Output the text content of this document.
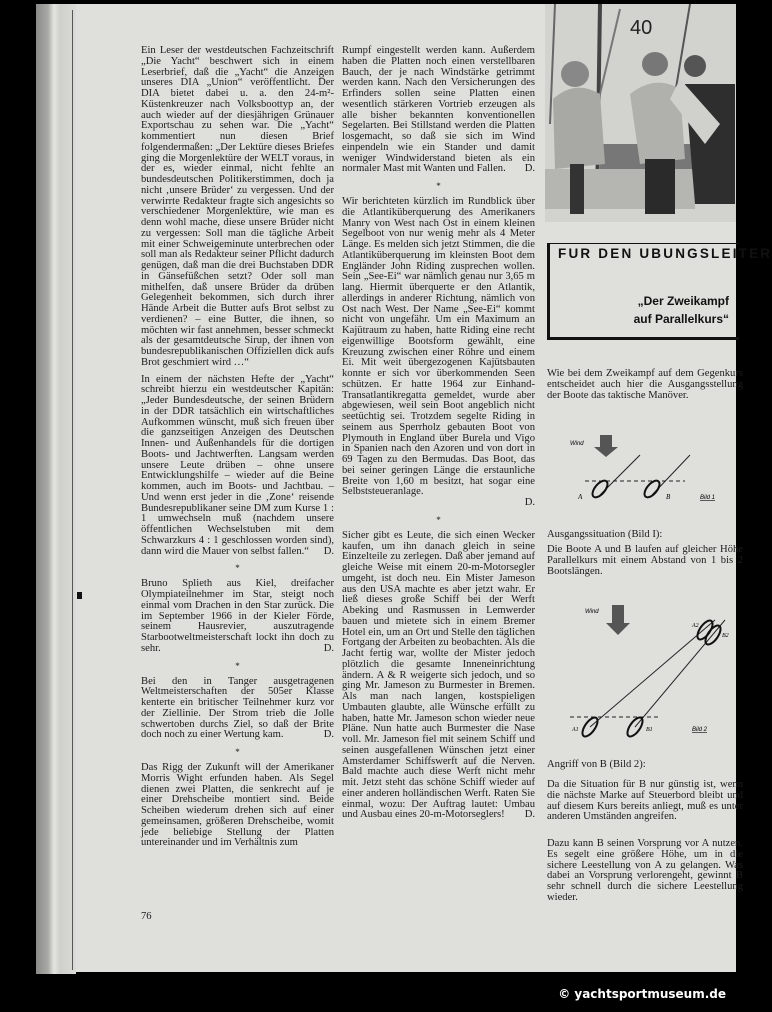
Ein Leser der westdeutschen Fachzeitschrift „Die Yacht“ beschwert sich in einem Leserbrief, daß die „Yacht“ die Anzeigen unseres DIA „Union“ veröffentlicht. Der DIA bietet dabei u. a. den 24-m²-Küstenkreuzer nach Volksboottyp an, der auch wieder auf der diesjährigen Grünauer Exportschau zu sehen war. Die „Yacht“ kommentiert nun diesen Brief folgendermaßen: „Der Lektüre dieses Briefes ging die Morgenlektüre der WELT voraus, in der es, wieder einmal, nicht fehlte an bundesdeutschen Politikerstimmen, doch ja nicht ‚unsere Brüder‘ zu vergessen. Und der verwirrte Redakteur fragte sich angesichts so verschiedener Morgenlektüre, wie man es denn wohl mache, diese unsere Brüder nicht zu vergessen: Soll man die tägliche Arbeit mit einer Schweigeminute unterbrechen oder soll man als Redakteur seiner Pflicht dadurch genügen, daß man die drei Buchstaben DDR in Gänsefüßchen setzt? Oder soll man mithelfen, daß unsere Brüder da drüben Gelegenheit bekommen, sich durch ihrer Hände Arbeit die Butter aufs Brot selbst zu verdienen? – eine Butter, die ihnen, so möchten wir fast annehmen, besser schmeckt als der gesamtdeutsche Sirup, der ihnen von bundesrepublikanischen Offiziellen dick aufs Brot geschmiert wird …“

In einem der nächsten Hefte der „Yacht“ schreibt hierzu ein westdeutscher Kapitän: „Jeder Bundesdeutsche, der seinen Brüdern in der DDR tatsächlich ein wirtschaftliches Aufkommen wünscht, muß sich freuen über die ganzseitigen Anzeigen des Deutschen Innen- und Außenhandels für die dortigen Boots- und Jachtwerften. Langsam werden unsere Leute drüben – ohne unsere Entwicklungshilfe – wieder auf die Beine kommen, auch im Boots- und Jachtbau. – Und wenn erst jeder in die ‚Zone‘ reisende Bundesrepublikaner seine DM zum Kurse 1 : 1 umwechseln muß (nachdem unsere öffentlichen Wechselstuben mit dem Schwarzkurs 4 : 1 geschlossen worden sind), dann wird die Mauer von selbst fallen.“	D.

*

Bruno Splieth aus Kiel, dreifacher Olympiateilnehmer im Star, steigt noch einmal vom Drachen in den Star zurück. Die im September 1966 in der Kieler Förde, seinem Hausrevier, auszutragende Starbootweltmeisterschaft lockt ihn doch zu sehr.	D.

*

Bei den in Tanger ausgetragenen Weltmeisterschaften der 505er Klasse kenterte ein britischer Teilnehmer kurz vor der Ziellinie. Der Strom trieb die Jolle schwertoben durchs Ziel, so daß der Brite doch noch zu einer Wertung kam.	D.

*

Das Rigg der Zukunft will der Amerikaner Morris Wight erfunden haben. Als Segel dienen zwei Platten, die senkrecht auf je einer Drehscheibe montiert sind. Beide Scheiben wiederum drehen sich auf einer gemeinsamen, größeren Drehscheibe, womit jede beliebige Stellung der Platten untereinander und im Verhältnis zum

76

Rumpf eingestellt werden kann. Außerdem haben die Platten noch einen verstellbaren Bauch, der je nach Windstärke getrimmt werden kann. Nach den Versicherungen des Erfinders sollen seine Platten einen wesentlich stärkeren Vortrieb erzeugen als alle bisher bekannten konventionellen Segelarten. Bei Stillstand werden die Platten losgemacht, so daß sie sich im Wind einpendeln wie ein Stander und damit weniger Windwiderstand bieten als ein normaler Mast mit Wanten und Fallen.	D.

*

Wir berichteten kürzlich im Rundblick über die Atlantiküberquerung des Amerikaners Manry von West nach Ost in einem kleinen Segelboot von nur wenig mehr als 4 Meter Länge. Es melden sich jetzt Stimmen, die die Atlantiküberquerung im kleinsten Boot dem Engländer John Riding zusprechen wollen. Sein „See-Ei“ war nämlich genau nur 3,65 m lang. Hiermit überquerte er den Atlantik, allerdings in anderer Richtung, nämlich von Ost nach West. Der Name „See-Ei“ kommt nicht von ungefähr. Um ein Maximum an Kajütraum zu haben, hatte Riding eine recht eigenwillige Bootsform gewählt, eine Kreuzung zwischen einer Röhre und einem Ei. Mit weit übergezogenen Kajütsbauten konnte er sich vor überkommenden Seen schützen. Er hatte 1964 zur Einhand-Transatlantikregatta gemeldet, wurde aber abgewiesen, weil sein Boot angeblich nicht seetüchtig sei. Trotzdem segelte Riding in seinem aus Sperrholz gebauten Boot von Plymouth in England über Burela und Vigo in Spanien nach den Azoren und von dort in 69 Tagen zu den Bermudas. Das Boot, das bei seiner geringen Länge die erstaunliche Breite von 1,60 m besitzt, hat sogar eine Selbststeueranlage.
D.

*

Sicher gibt es Leute, die sich einen Wecker kaufen, um ihn danach gleich in seine Einzelteile zu zerlegen. Daß aber jemand auf gleiche Weise mit einem 20-m-Motorsegler umgeht, ist doch neu. Ein Mister Jameson aus den USA machte es aber jetzt wahr. Er ließ dieses große Schiff bei der Werft Abeking und Rasmussen in Lemwerder bauen und mietete sich in einem Bremer Hotel ein, um an Ort und Stelle den täglichen Fortgang der Arbeiten zu beobachten. Als die Jacht fertig war, wollte der Mister jedoch plötzlich die gesamte Inneneinrichtung ändern. A & R weigerte sich jedoch, und so ging Mr. Jameson zu Burmester in Bremen. Als man nach langen, kostspieligen Umbauten glaubte, alle Wünsche erfüllt zu haben, hatte Mr. Jameson schon wieder neue Pläne. Nun hatte auch Burmester die Nase voll. Mr. Jameson fiel mit seinem Schiff und seinen ausgefallenen Wünschen jetzt einer Amsterdamer Schiffswerft auf die Nerven. Bald machte auch diese Werft nicht mehr mit. Jetzt steht das schöne Schiff wieder auf einer anderen holländischen Werft. Raten Sie einmal, wozu: Der Auftrag lautet: Umbau und Ausbau eines 20-m-Motorseglers!	D.

40
FUR DEN UBUNGSLEITER
„Der Zweikampf
auf Parallelkurs“
Wie bei dem Zweikampf auf dem Gegenkurs entscheidet auch hier die Ausgangsstellung der Boote das taktische Manöver.
Wind
A	B	Bild 1
Ausgangssituation (Bild I):
Die Boote A und B laufen auf gleicher Höhe Parallelkurs mit einem Abstand von 1 bis 2 Bootslängen.
Wind
A1	B1
A2
B2
Bild 2
Angriff von B (Bild 2):
Da die Situation für B nur günstig ist, wenn die nächste Marke auf Steuerbord bleibt und auf diesem Kurs bereits anliegt, muß es unter anderen Umständen angreifen.
Dazu kann B seinen Vorsprung vor A nutzen. Es segelt eine größere Höhe, um in die sichere Leestellung von A zu gelangen. Was dabei an Vorsprung verlorengeht, gewinnt B sehr schnell durch die sichere Leestellung wieder.
© yachtsportmuseum.de
